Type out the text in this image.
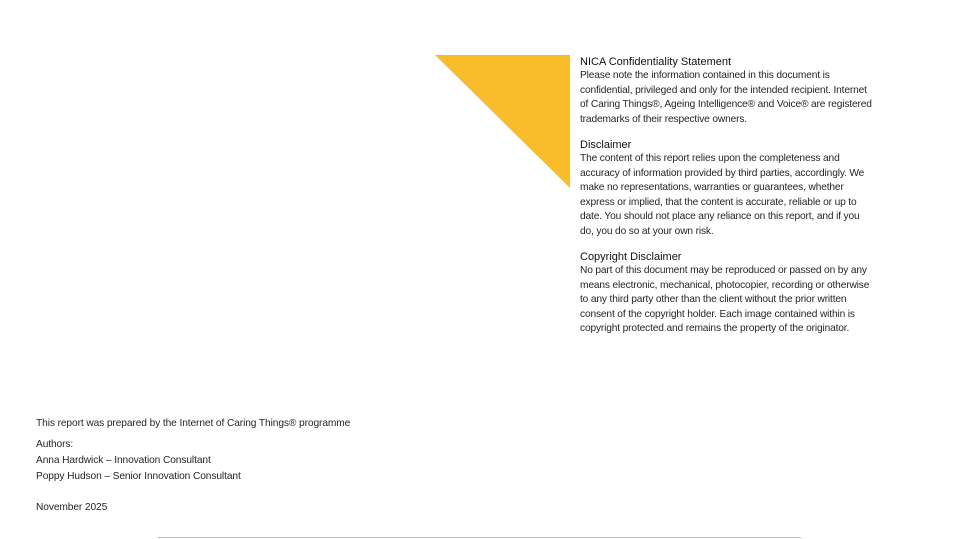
NICA Confidentiality Statement
Please note the information contained in this document is
confidential, privileged and only for the intended recipient. Internet
of Caring Things®, Ageing Intelligence® and Voice® are registered
trademarks of their respective owners.
Disclaimer
The content of this report relies upon the completeness and
accuracy of information provided by third parties, accordingly. We
make no representations, warranties or guarantees, whether
express or implied, that the content is accurate, reliable or up to
date. You should not place any reliance on this report, and if you
do, you do so at your own risk.
Copyright Disclaimer
No part of this document may be reproduced or passed on by any
means electronic, mechanical, photocopier, recording or otherwise
to any third party other than the client without the prior written
consent of the copyright holder. Each image contained within is
copyright protected and remains the property of the originator.
This report was prepared by the Internet of Caring Things® programme
Authors:
Anna Hardwick – Innovation Consultant
Poppy Hudson – Senior Innovation Consultant
November 2025
